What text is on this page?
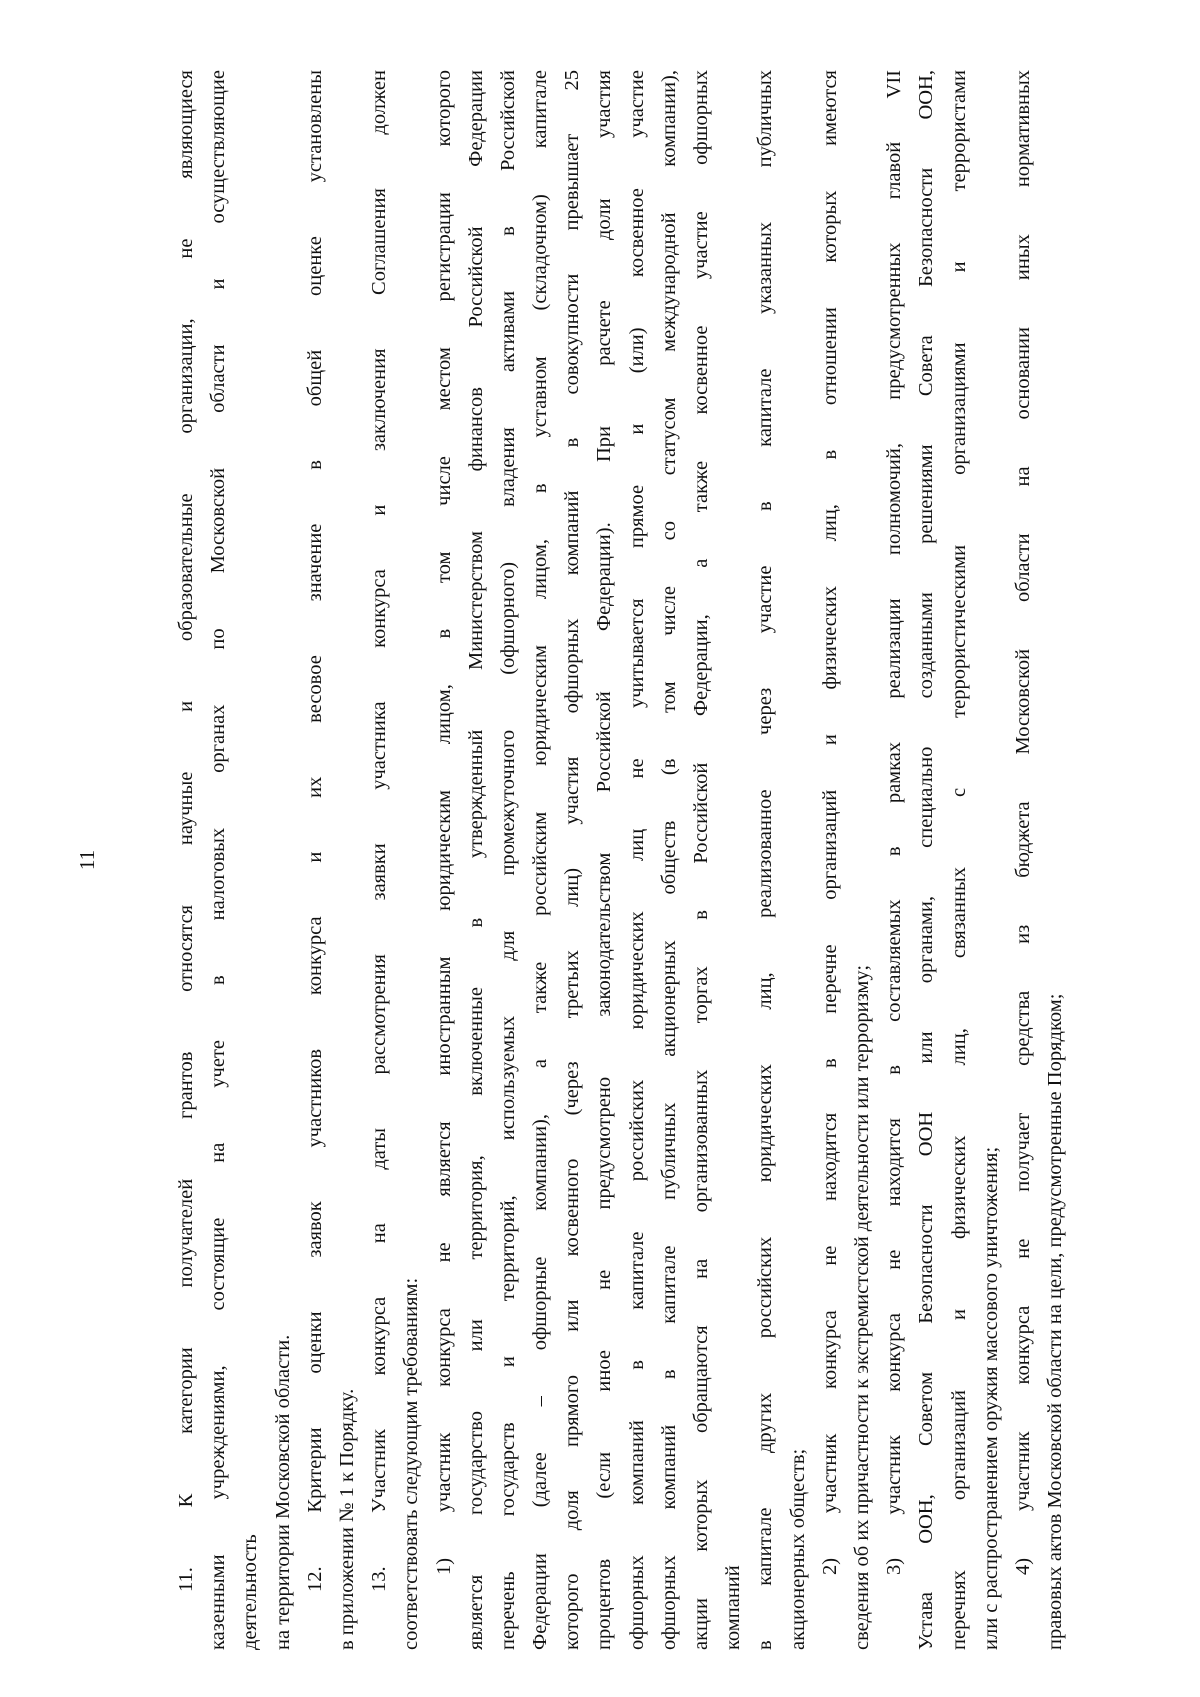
11	11. К категории получателей грантов относятся научные и образовательные организации, не являющиеся казенными учреждениями, состоящие на учете в налоговых органах по Московской области и осуществляющие деятельность на территории Московской области. 12. Критерии оценки заявок участников конкурса и их весовое значение в общей оценке установлены в приложении № 1 к Порядку. 13. Участник конкурса на даты рассмотрения заявки участника конкурса и заключения Соглашения должен соответствовать следующим требованиям: 1) участник конкурса не является иностранным юридическим лицом, в том числе местом регистрации которого является государство или территория, включенные в утвержденный Министерством финансов Российской Федерации перечень государств и территорий, используемых для промежуточного (офшорного) владения активами в Российской Федерации (далее – офшорные компании), а также российским юридическим лицом, в уставном (складочном) капитале которого доля прямого или косвенного (через третьих лиц) участия офшорных компаний в совокупности превышает 25 процентов (если иное не предусмотрено законодательством Российской Федерации). При расчете доли участия офшорных компаний в капитале российских юридических лиц не учитывается прямое и (или) косвенное участие офшорных компаний в капитале публичных акционерных обществ (в том числе со статусом международной компании), акции которых обращаются на организованных торгах в Российской Федерации, а также косвенное участие офшорных компаний в капитале других российских юридических лиц, реализованное через участие в капитале указанных публичных акционерных обществ; 2) участник конкурса не находится в перечне организаций и физических лиц, в отношении которых имеются сведения об их причастности к экстремистской деятельности или терроризму; 3) участник конкурса не находится в составляемых в рамках реализации полномочий, предусмотренных главой VII Устава ООН, Советом Безопасности ООН или органами, специально созданными решениями Совета Безопасности ООН, перечнях организаций и физических лиц, связанных с террористическими организациями и террористами или с распространением оружия массового уничтожения; 4) участник конкурса не получает средства из бюджета Московской области на основании иных нормативных правовых актов Московской области на цели, предусмотренные Порядком;
